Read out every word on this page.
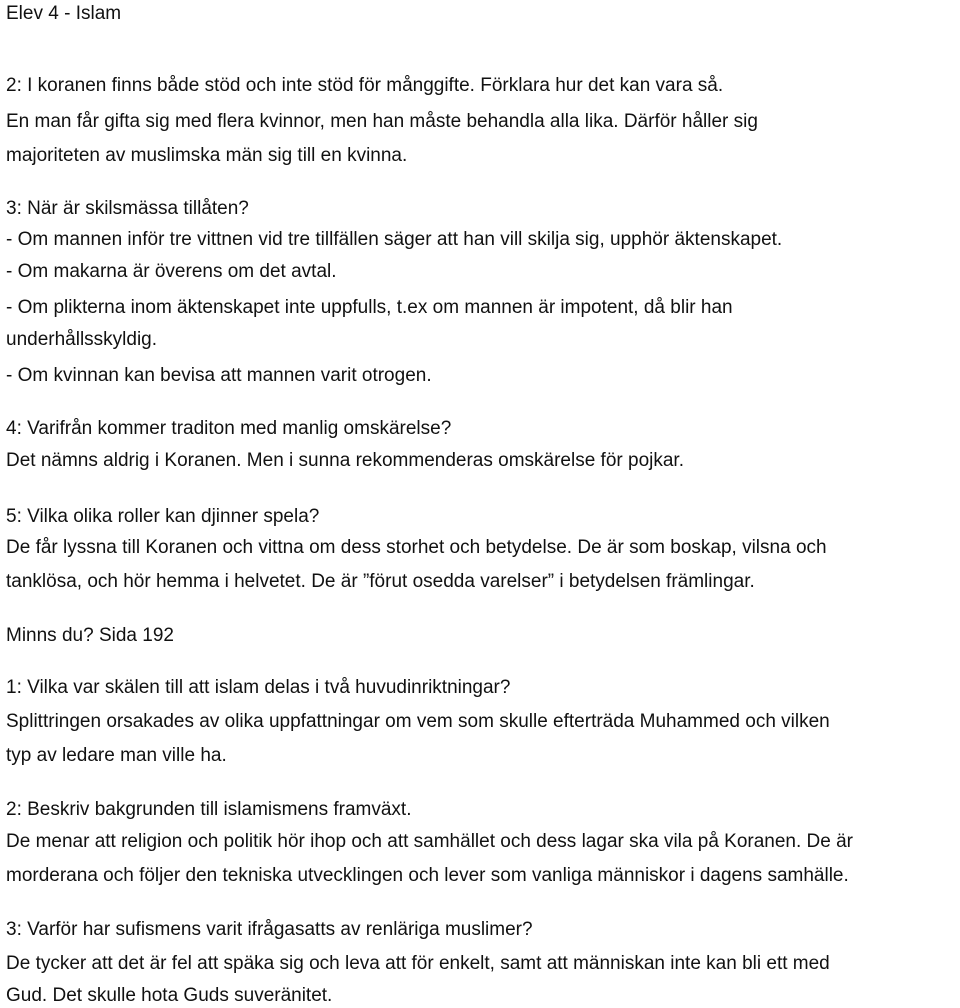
Elev 4 - Islam
2: I koranen finns både stöd och inte stöd för månggifte. Förklara hur det kan vara så.
En man får gifta sig med flera kvinnor, men han måste behandla alla lika. Därför håller sig
majoriteten av muslimska män sig till en kvinna.
3: När är skilsmässa tillåten?
- Om mannen inför tre vittnen vid tre tillfällen säger att han vill skilja sig, upphör äktenskapet.
- Om makarna är överens om det avtal.
- Om plikterna inom äktenskapet inte uppfulls, t.ex om mannen är impotent, då blir han
underhållsskyldig.
- Om kvinnan kan bevisa att mannen varit otrogen.
4: Varifrån kommer traditon med manlig omskärelse?
Det nämns aldrig i Koranen. Men i sunna rekommenderas omskärelse för pojkar.
5: Vilka olika roller kan djinner spela?
De får lyssna till Koranen och vittna om dess storhet och betydelse. De är som boskap, vilsna och
tanklösa, och hör hemma i helvetet. De är ”förut osedda varelser” i betydelsen främlingar.
Minns du? Sida 192
1: Vilka var skälen till att islam delas i två huvudinriktningar?
Splittringen orsakades av olika uppfattningar om vem som skulle efterträda Muhammed och vilken
typ av ledare man ville ha.
2: Beskriv bakgrunden till islamismens framväxt.
De menar att religion och politik hör ihop och att samhället och dess lagar ska vila på Koranen. De är
morderana och följer den tekniska utvecklingen och lever som vanliga människor i dagens samhälle.
3: Varför har sufismens varit ifrågasatts av renläriga muslimer?
De tycker att det är fel att späka sig och leva att för enkelt, samt att människan inte kan bli ett med
Gud. Det skulle hota Guds suveränitet.
